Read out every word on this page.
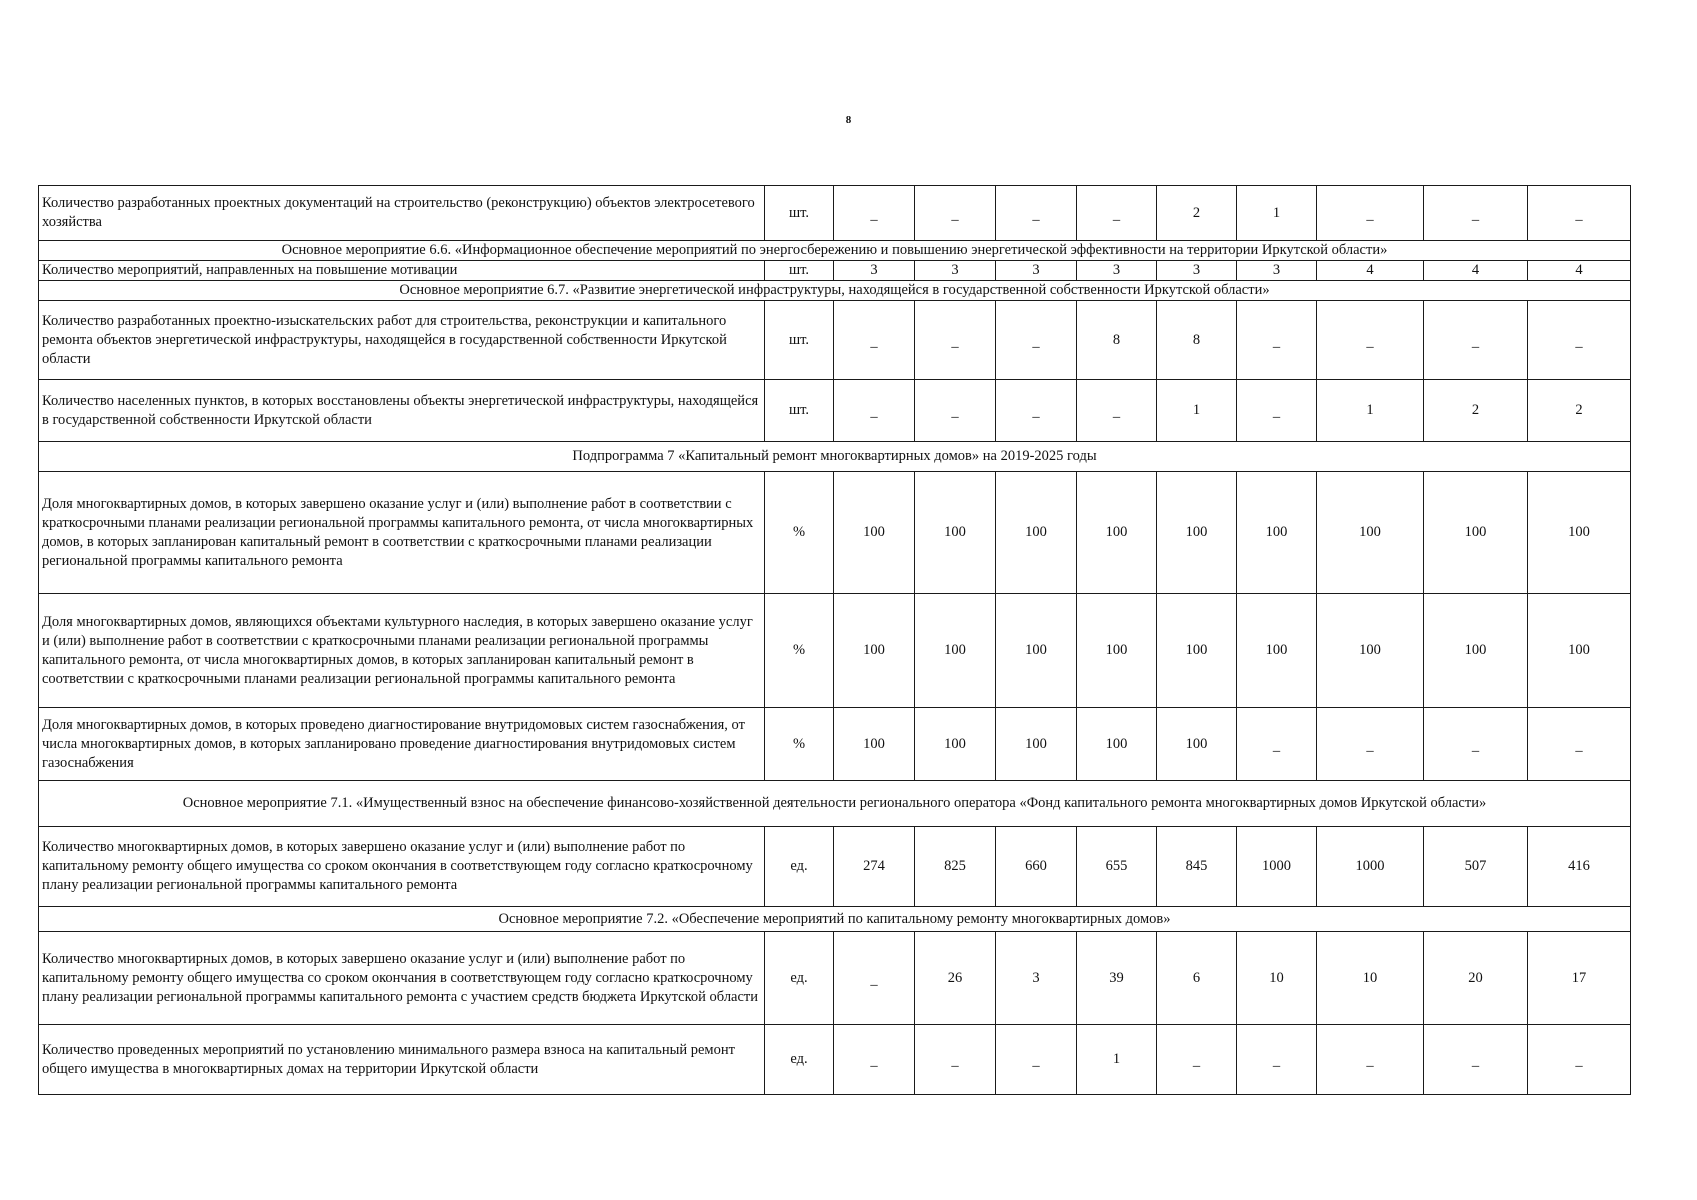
8
Количество разработанных проектных документаций на строительство (реконструкцию) объектов электросетевого хозяйства	шт.	–	–	–	–	2	1	–	–	–
Основное мероприятие 6.6. «Информационное обеспечение мероприятий по энергосбережению и повышению энергетической эффективности на территории Иркутской области»										
Количество мероприятий, направленных на повышение мотивации	шт.	3	3	3	3	3	3	4	4	4
Основное мероприятие 6.7. «Развитие энергетической инфраструктуры, находящейся в государственной собственности Иркутской области»										
Количество разработанных проектно-изыскательских работ для строительства, реконструкции и капитального ремонта объектов энергетической инфраструктуры, находящейся в государственной собственности Иркутской области	шт.	–	–	–	8	8	–	–	–	–
Количество населенных пунктов, в которых восстановлены объекты энергетической инфраструктуры, находящейся в государственной собственности Иркутской области	шт.	–	–	–	–	1	–	1	2	2
Подпрограмма 7 «Капитальный ремонт многоквартирных домов» на 2019-2025 годы										
Доля многоквартирных домов, в которых завершено оказание услуг и (или) выполнение работ в соответствии с краткосрочными планами реализации региональной программы капитального ремонта, от числа многоквартирных домов, в которых запланирован капитальный ремонт в соответствии с краткосрочными планами реализации региональной программы капитального ремонта	%	100	100	100	100	100	100	100	100	100
Доля многоквартирных домов, являющихся объектами культурного наследия, в которых завершено оказание услуг и (или) выполнение работ в соответствии с краткосрочными планами реализации региональной программы капитального ремонта, от числа многоквартирных домов, в которых запланирован капитальный ремонт в соответствии с краткосрочными планами реализации региональной программы капитального ремонта	%	100	100	100	100	100	100	100	100	100
Доля многоквартирных домов, в которых проведено диагностирование внутридомовых систем газоснабжения, от числа многоквартирных домов, в которых запланировано проведение диагностирования внутридомовых систем газоснабжения	%	100	100	100	100	100	–	–	–	–
Основное мероприятие 7.1. «Имущественный взнос на обеспечение финансово-хозяйственной деятельности регионального оператора «Фонд капитального ремонта многоквартирных домов Иркутской области»										
Количество многоквартирных домов, в которых завершено оказание услуг и (или) выполнение работ по капитальному ремонту общего имущества со сроком окончания в соответствующем году согласно краткосрочному плану реализации региональной программы капитального ремонта	ед.	274	825	660	655	845	1000	1000	507	416
Основное мероприятие 7.2. «Обеспечение мероприятий по капитальному ремонту многоквартирных домов»										
Количество многоквартирных домов, в которых завершено оказание услуг и (или) выполнение работ по капитальному ремонту общего имущества со сроком окончания в соответствующем году согласно краткосрочному плану реализации региональной программы капитального ремонта с участием средств бюджета Иркутской области	ед.	–	26	3	39	6	10	10	20	17
Количество проведенных мероприятий по установлению минимального размера взноса на капитальный ремонт общего имущества в многоквартирных домах на территории Иркутской области	ед.	–	–	–	1	–	–	–	–	–
